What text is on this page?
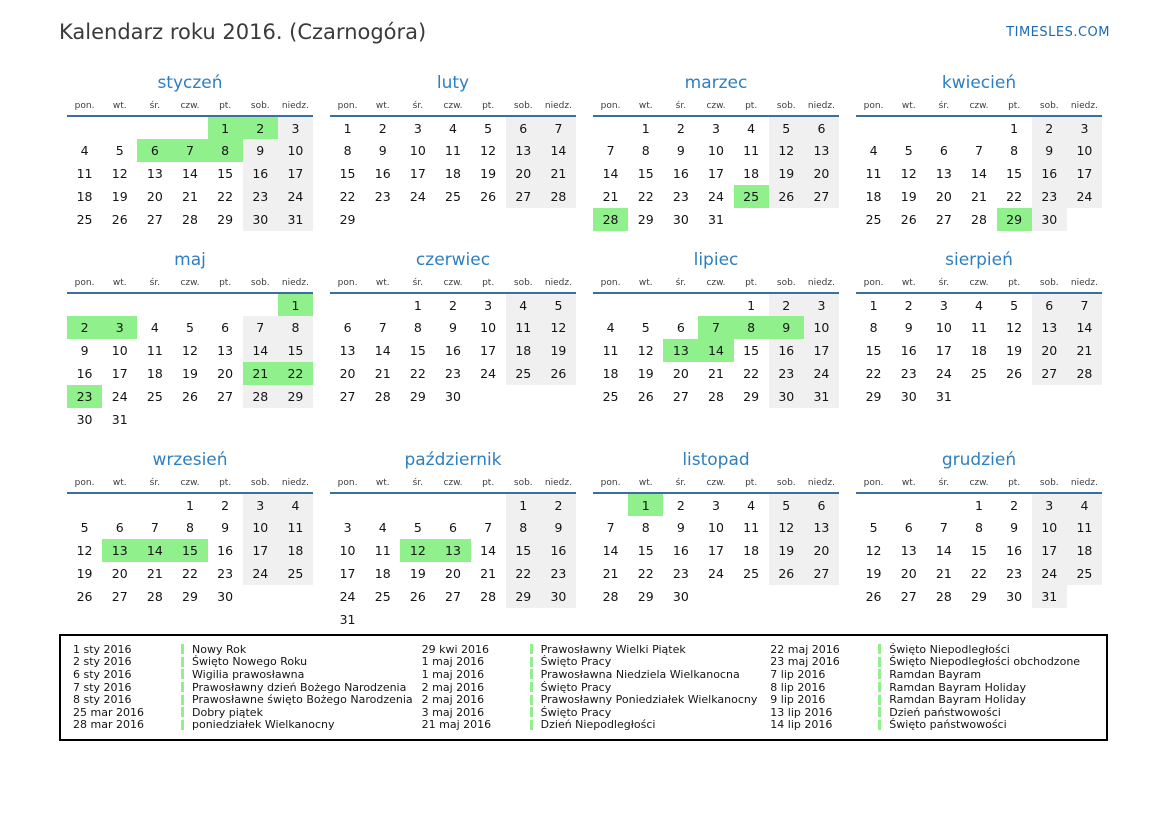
Kalendarz roku 2016. (Czarnogóra)	TIMESLES.COM
styczeń
pon.	wt.	śr.	czw.	pt.	sob.	niedz.
				1	2	3
4	5	6	7	8	9	10
11	12	13	14	15	16	17
18	19	20	21	22	23	24
25	26	27	28	29	30	31
luty
pon.	wt.	śr.	czw.	pt.	sob.	niedz.
1	2	3	4	5	6	7
8	9	10	11	12	13	14
15	16	17	18	19	20	21
22	23	24	25	26	27	28
29						
marzec
pon.	wt.	śr.	czw.	pt.	sob.	niedz.
	1	2	3	4	5	6
7	8	9	10	11	12	13
14	15	16	17	18	19	20
21	22	23	24	25	26	27
28	29	30	31			
kwiecień
pon.	wt.	śr.	czw.	pt.	sob.	niedz.
				1	2	3
4	5	6	7	8	9	10
11	12	13	14	15	16	17
18	19	20	21	22	23	24
25	26	27	28	29	30	
maj
pon.	wt.	śr.	czw.	pt.	sob.	niedz.
						1
2	3	4	5	6	7	8
9	10	11	12	13	14	15
16	17	18	19	20	21	22
23	24	25	26	27	28	29
30	31					
czerwiec
pon.	wt.	śr.	czw.	pt.	sob.	niedz.
		1	2	3	4	5
6	7	8	9	10	11	12
13	14	15	16	17	18	19
20	21	22	23	24	25	26
27	28	29	30			
lipiec
pon.	wt.	śr.	czw.	pt.	sob.	niedz.
				1	2	3
4	5	6	7	8	9	10
11	12	13	14	15	16	17
18	19	20	21	22	23	24
25	26	27	28	29	30	31
sierpień
pon.	wt.	śr.	czw.	pt.	sob.	niedz.
1	2	3	4	5	6	7
8	9	10	11	12	13	14
15	16	17	18	19	20	21
22	23	24	25	26	27	28
29	30	31				
wrzesień
pon.	wt.	śr.	czw.	pt.	sob.	niedz.
			1	2	3	4
5	6	7	8	9	10	11
12	13	14	15	16	17	18
19	20	21	22	23	24	25
26	27	28	29	30		
październik
pon.	wt.	śr.	czw.	pt.	sob.	niedz.
					1	2
3	4	5	6	7	8	9
10	11	12	13	14	15	16
17	18	19	20	21	22	23
24	25	26	27	28	29	30
31						
listopad
pon.	wt.	śr.	czw.	pt.	sob.	niedz.
	1	2	3	4	5	6
7	8	9	10	11	12	13
14	15	16	17	18	19	20
21	22	23	24	25	26	27
28	29	30				
grudzień
pon.	wt.	śr.	czw.	pt.	sob.	niedz.
			1	2	3	4
5	6	7	8	9	10	11
12	13	14	15	16	17	18
19	20	21	22	23	24	25
26	27	28	29	30	31	
1 sty 2016	Nowy Rok
2 sty 2016	Święto Nowego Roku
6 sty 2016	Wigilia prawosławna
7 sty 2016	Prawosławny dzień Bożego Narodzenia
8 sty 2016	Prawosławne święto Bożego Narodzenia
25 mar 2016	Dobry piątek
28 mar 2016	poniedziałek Wielkanocny
29 kwi 2016	Prawosławny Wielki Piątek
1 maj 2016	Święto Pracy
1 maj 2016	Prawosławna Niedziela Wielkanocna
2 maj 2016	Święto Pracy
2 maj 2016	Prawosławny Poniedziałek Wielkanocny
3 maj 2016	Święto Pracy
21 maj 2016	Dzień Niepodległości
22 maj 2016	Święto Niepodległości
23 maj 2016	Święto Niepodległości obchodzone
7 lip 2016	Ramdan Bayram
8 lip 2016	Ramdan Bayram Holiday
9 lip 2016	Ramdan Bayram Holiday
13 lip 2016	Dzień państwowości
14 lip 2016	Święto państwowości
